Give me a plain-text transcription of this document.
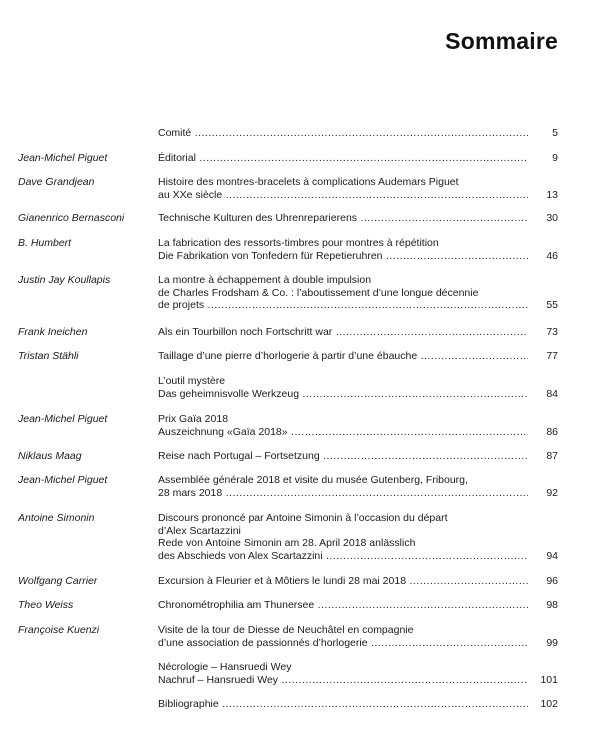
Sommaire
Comité .....	5
Jean-Michel Piguet	Éditorial .....	9
Dave Grandjean	Histoire des montres-bracelets à complications Audemars Piguet
au XXe siècle .....	13
Gianenrico Bernasconi	Technische Kulturen des Uhrenreparierens .....	30
B. Humbert	La fabrication des ressorts-timbres pour montres à répétition
Die Fabrikation von Tonfedern für Repetieruhren .....	46
Justin Jay Koullapis	La montre à échappement à double impulsion
de Charles Frodsham & Co. : l’aboutissement d’une longue décennie
de projets .....	55
Frank Ineichen	Als ein Tourbillon noch Fortschritt war .....	73
Tristan Stähli	Taillage d’une pierre d’horlogerie à partir d’une ébauche .....	77
L’outil mystère
Das geheimnisvolle Werkzeug .....	84
Jean-Michel Piguet	Prix Gaïa 2018
Auszeichnung «Gaïa 2018» .....	86
Niklaus Maag	Reise nach Portugal – Fortsetzung .....	87
Jean-Michel Piguet	Assemblée générale 2018 et visite du musée Gutenberg, Fribourg,
28 mars 2018 .....	92
Antoine Simonin	Discours prononcé par Antoine Simonin à l’occasion du départ
d’Alex Scartazzini
Rede von Antoine Simonin am 28. April 2018 anlässlich
des Abschieds von Alex Scartazzini .....	94
Wolfgang Carrier	Excursion à Fleurier et à Môtiers le lundi 28 mai 2018 .....	96
Theo Weiss	Chronométrophilia am Thunersee .....	98
Françoise Kuenzi	Visite de la tour de Diesse de Neuchâtel en compagnie
d’une association de passionnés d’horlogerie .....	99
Nécrologie – Hansruedi Wey
Nachruf – Hansruedi Wey .....	101
Bibliographie .....	102
